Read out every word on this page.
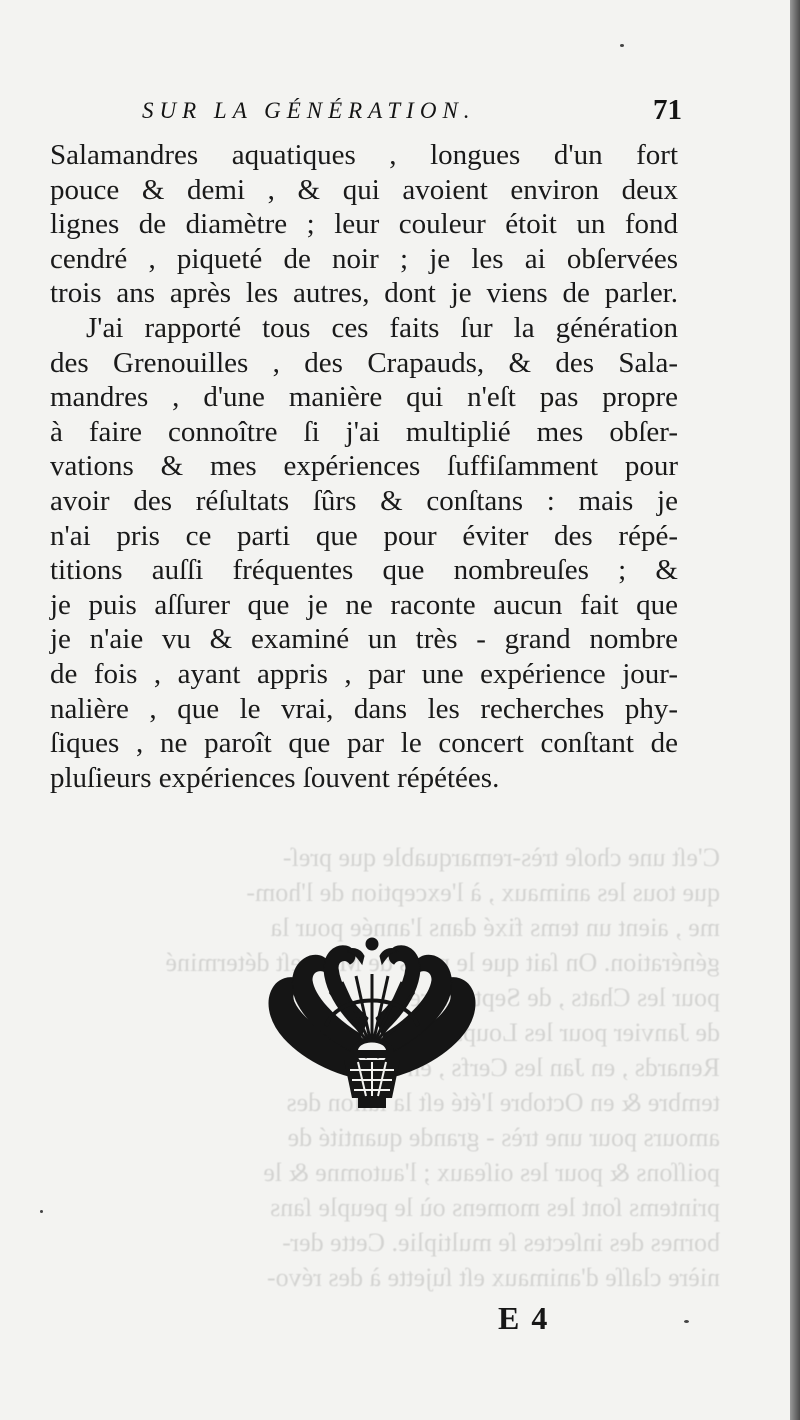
C'eſt une choſe très-remarquable que preſ-
que tous les animaux , à l'exception de l'hom-
me , aient un tems fixé dans l'année pour la
génération. On ſait que le de eſt déterminé
pour les Chats , de Septembre ,
de Janvier pour les Loups & les
Renards , en Jan les Cerfs , en Sep-
tembre & en Octobre l'été eſt la ſaiſon des
amours pour une très - grande quantité de
poiſſons & pour les oiſeaux ; l'automne & le
printems ſont les momens où le peuple ſans
bornes des inſectes ſe multiplie. Cette der-
nière claſſe d'animaux eſt ſujette à des révo-
SUR LA GÉNÉRATION.	71
Salamandres aquatiques , longues d'un fort
pouce & demi , & qui avoient environ deux
lignes de diamètre ; leur couleur étoit un fond
cendré , piqueté de noir ; je les ai obſervées
trois ans après les autres, dont je viens de parler.
J'ai rapporté tous ces faits ſur la génération
des Grenouilles , des Crapauds, & des Sala-
mandres , d'une manière qui n'eſt pas propre
à faire connoître ſi j'ai multiplié mes obſer-
vations & mes expériences ſuffiſamment pour
avoir des réſultats ſûrs & conſtans : mais je
n'ai pris ce parti que pour éviter des répé-
titions auſſi fréquentes que nombreuſes ; &
je puis aſſurer que je ne raconte aucun fait que
je n'aie vu & examiné un très - grand nombre
de fois , ayant appris , par une expérience jour-
nalière , que le vrai, dans les recherches phy-
ſiques , ne paroît que par le concert conſtant de
pluſieurs expériences ſouvent répétées.
E 4
